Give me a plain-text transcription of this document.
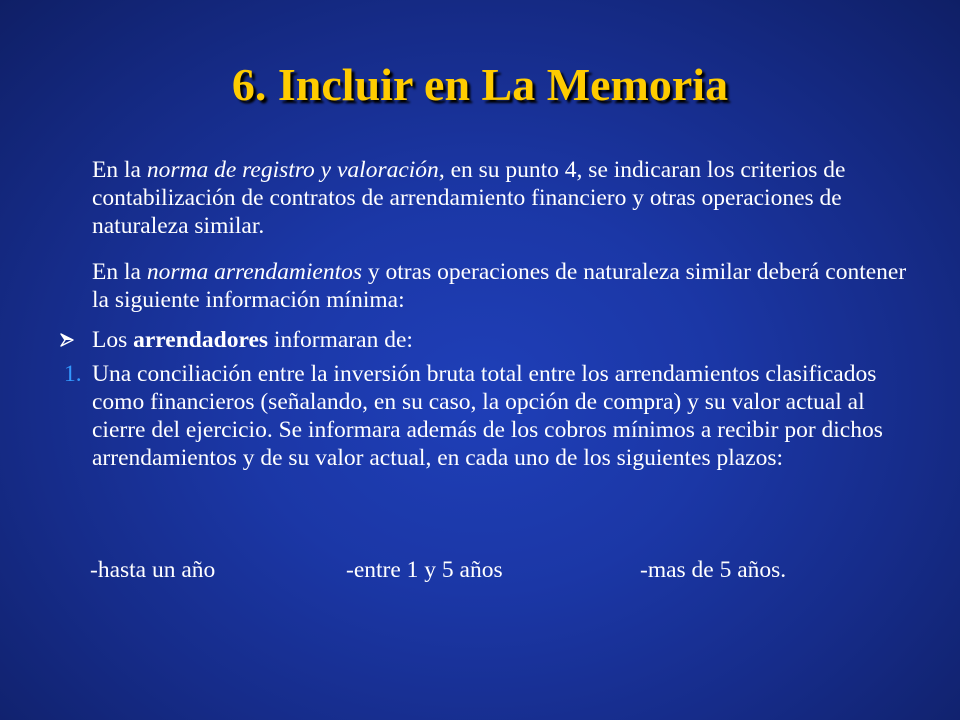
6. Incluir en La Memoria

En la norma de registro y valoración, en su punto 4, se indicaran los criterios de contabilización de contratos de arrendamiento financiero y otras operaciones de naturaleza similar.

En la norma arrendamientos y otras operaciones de naturaleza similar deberá contener la siguiente información mínima:

Los arrendadores informaran de:

1. Una conciliación entre la inversión bruta total entre los arrendamientos clasificados como financieros (señalando, en su caso, la opción de compra) y su valor actual al cierre del ejercicio. Se informara además de los cobros mínimos a recibir por dichos arrendamientos y de su valor actual, en cada uno de los siguientes plazos:

-hasta un año	-entre 1 y 5 años	-mas de 5 años.
